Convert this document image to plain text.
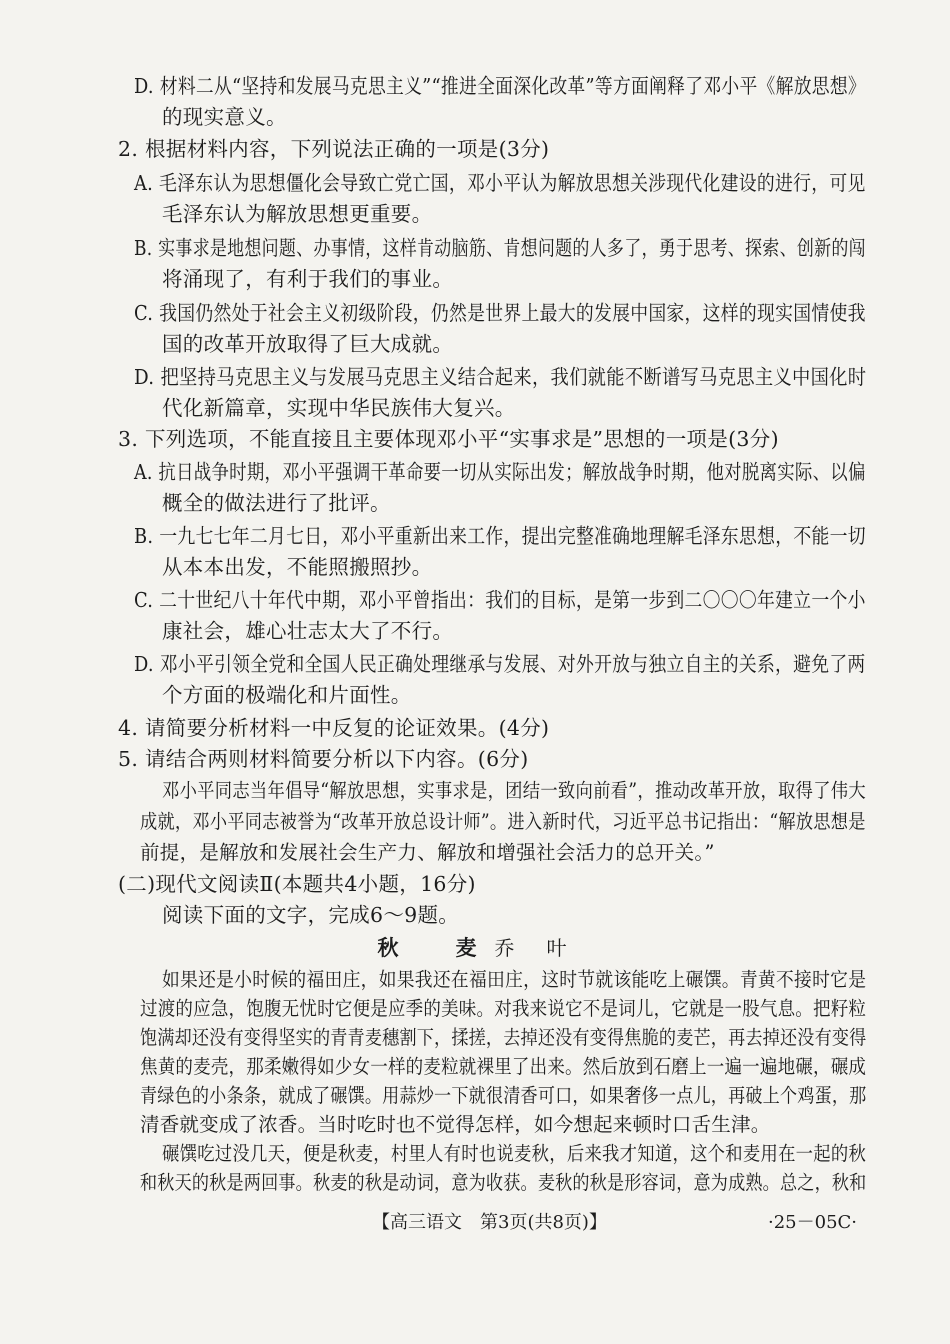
D. 材料二从“坚持和发展马克思主义”“推进全面深化改革”等方面阐释了邓小平《解放思想》
的现实意义。
2. 根据材料内容，下列说法正确的一项是(3分)
A. 毛泽东认为思想僵化会导致亡党亡国，邓小平认为解放思想关涉现代化建设的进行，可见
毛泽东认为解放思想更重要。
B. 实事求是地想问题、办事情，这样肯动脑筋、肯想问题的人多了，勇于思考、探索、创新的闯
将涌现了，有利于我们的事业。
C. 我国仍然处于社会主义初级阶段，仍然是世界上最大的发展中国家，这样的现实国情使我
国的改革开放取得了巨大成就。
D. 把坚持马克思主义与发展马克思主义结合起来，我们就能不断谱写马克思主义中国化时
代化新篇章，实现中华民族伟大复兴。
3. 下列选项，不能直接且主要体现邓小平“实事求是”思想的一项是(3分)
A. 抗日战争时期，邓小平强调干革命要一切从实际出发；解放战争时期，他对脱离实际、以偏
概全的做法进行了批评。
B. 一九七七年二月七日，邓小平重新出来工作，提出完整准确地理解毛泽东思想，不能一切
从本本出发，不能照搬照抄。
C. 二十世纪八十年代中期，邓小平曾指出：我们的目标，是第一步到二〇〇〇年建立一个小
康社会，雄心壮志太大了不行。
D. 邓小平引领全党和全国人民正确处理继承与发展、对外开放与独立自主的关系，避免了两
个方面的极端化和片面性。
4. 请简要分析材料一中反复的论证效果。(4分)
5. 请结合两则材料简要分析以下内容。(6分)
邓小平同志当年倡导“解放思想，实事求是，团结一致向前看”，推动改革开放，取得了伟大
成就，邓小平同志被誉为“改革开放总设计师”。进入新时代，习近平总书记指出：“解放思想是
前提，是解放和发展社会生产力、解放和增强社会活力的总开关。”
(二)现代文阅读Ⅱ(本题共4小题，16分)
阅读下面的文字，完成6～9题。
秋　麦乔　叶
如果还是小时候的福田庄，如果我还在福田庄，这时节就该能吃上碾馔。青黄不接时它是
过渡的应急，饱腹无忧时它便是应季的美味。对我来说它不是词儿，它就是一股气息。把籽粒
饱满却还没有变得坚实的青青麦穗割下，揉搓，去掉还没有变得焦脆的麦芒，再去掉还没有变得
焦黄的麦壳，那柔嫩得如少女一样的麦粒就裸里了出来。然后放到石磨上一遍一遍地碾，碾成
青绿色的小条条，就成了碾馔。用蒜炒一下就很清香可口，如果奢侈一点儿，再破上个鸡蛋，那
清香就变成了浓香。当时吃时也不觉得怎样，如今想起来顿时口舌生津。
碾馔吃过没几天，便是秋麦，村里人有时也说麦秋，后来我才知道，这个和麦用在一起的秋
和秋天的秋是两回事。秋麦的秋是动词，意为收获。麦秋的秋是形容词，意为成熟。总之，秋和
【高三语文　第3页(共8页)】	·25－05C·
